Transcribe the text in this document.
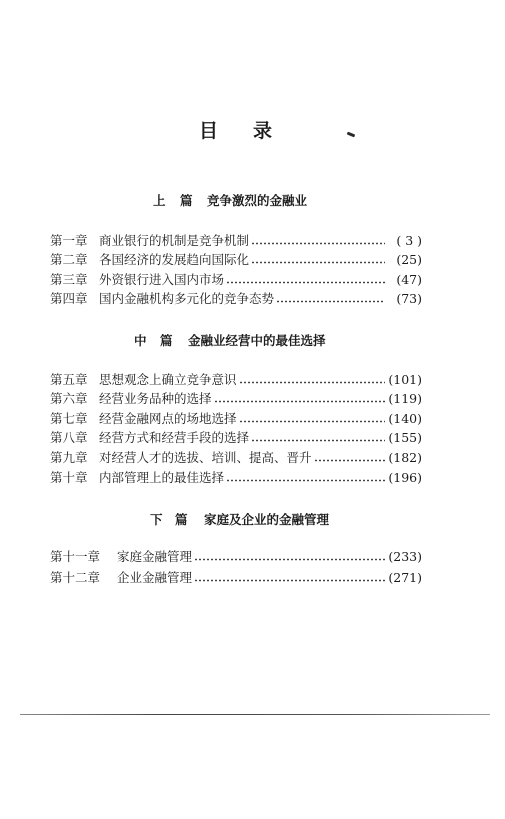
目 录
上 篇 竞争激烈的金融业
第一章 商业银行的机制是竞争机制	( 3 )
第二章 各国经济的发展趋向国际化	(25)
第三章 外资银行进入国内市场	(47)
第四章 国内金融机构多元化的竞争态势	(73)
中 篇 金融业经营中的最佳选择
第五章 思想观念上确立竞争意识	(101)
第六章 经营业务品种的选择	(119)
第七章 经营金融网点的场地选择	(140)
第八章 经营方式和经营手段的选择	(155)
第九章 对经营人才的选拔、培训、提高、晋升	(182)
第十章 内部管理上的最佳选择	(196)
下 篇 家庭及企业的金融管理
第十一章	家庭金融管理	(233)
第十二章	企业金融管理	(271)
